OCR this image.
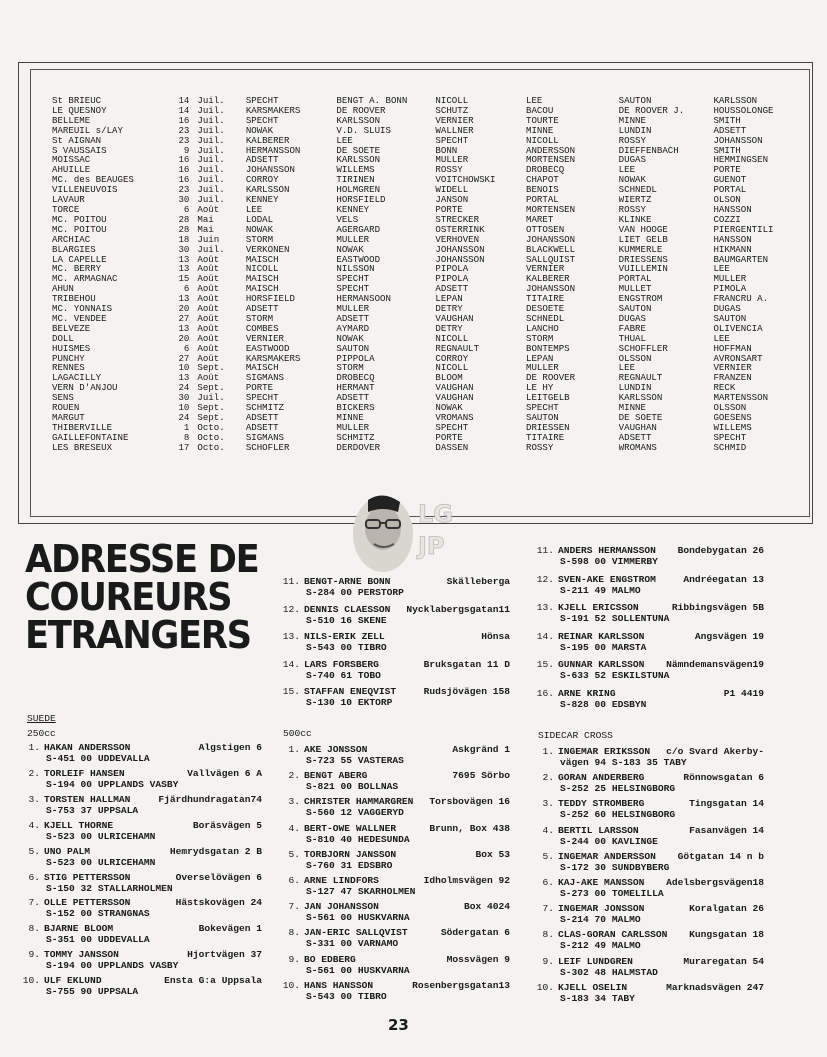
St BRIEUC	14	Juil.	SPECHT	BENGT A. BONN	NICOLL	LEE	SAUTON	KARLSSON
LE QUESNOY	14	Juil.	KARSMAKERS	DE ROOVER	SCHUTZ	BACOU	DE ROOVER J.	HOUSSOLONGE
BELLEME	16	Juil.	SPECHT	KARLSSON	VERNIER	TOURTE	MINNE	SMITH
MAREUIL s/LAY	23	Juil.	NOWAK	V.D. SLUIS	WALLNER	MINNE	LUNDIN	ADSETT
St AIGNAN	23	Juil.	KALBERER	LEE	SPECHT	NICOLL	ROSSY	JOHANSSON
S VAUSSAIS	9	Juil.	HERMANSSON	DE SOETE	BONN	ANDERSSON	DIEFFENBACH	SMITH
MOISSAC	16	Juil.	ADSETT	KARLSSON	MULLER	MORTENSEN	DUGAS	HEMMINGSEN
AHUILLE	16	Juil.	JOHANSSON	WILLEMS	ROSSY	DROBECQ	LEE	PORTE
MC. des BEAUGES	16	Juil.	CORROY	TIRINEN	VOITCHOWSKI	CHAPOT	NOWAK	GUENOT
VILLENEUVOIS	23	Juil.	KARLSSON	HOLMGREN	WIDELL	BENOIS	SCHNEDL	PORTAL
LAVAUR	30	Juil.	KENNEY	HORSFIELD	JANSON	PORTAL	WIERTZ	OLSON
TORCE	6	Août	LEE	KENNEY	PORTE	MORTENSEN	ROSSY	HANSSON
MC. POITOU	28	Mai	LODAL	VELS	STRECKER	MARET	KLINKE	COZZI
MC. POITOU	28	Mai	NOWAK	AGERGARD	OSTERRINK	OTTOSEN	VAN HOOGE	PIERGENTILI
ARCHIAC	18	Juin	STORM	MULLER	VERHOVEN	JOHANSSON	LIET GELB	HANSSON
BLARGIES	30	Juil.	VERKONEN	NOWAK	JOHANSSON	BLACKWELL	KUMMERLE	HIKMANN
LA CAPELLE	13	Août	MAISCH	EASTWOOD	JOHANSSON	SALLQUIST	DRIESSENS	BAUMGARTEN
MC. BERRY	13	Août	NICOLL	NILSSON	PIPOLA	VERNIER	VUILLEMIN	LEE
MC. ARMAGNAC	15	Août	MAISCH	SPECHT	PIPOLA	KALBERER	PORTAL	MULLER
AHUN	6	Août	MAISCH	SPECHT	ADSETT	JOHANSSON	MULLET	PIMOLA
TRIBEHOU	13	Août	HORSFIELD	HERMANSOON	LEPAN	TITAIRE	ENGSTROM	FRANCRU A.
MC. YONNAIS	20	Août	ADSETT	MULLER	DETRY	DESOETE	SAUTON	DUGAS
MC. VENDEE	27	Août	STORM	ADSETT	VAUGHAN	SCHNEDL	DUGAS	SAUTON
BELVEZE	13	Août	COMBES	AYMARD	DETRY	LANCHO	FABRE	OLIVENCIA
DOLL	20	Août	VERNIER	NOWAK	NICOLL	STORM	THUAL	LEE
HUISMES	6	Août	EASTWOOD	SAUTON	REGNAULT	BONTEMPS	SCHOFFLER	HOFFMAN
PUNCHY	27	Août	KARSMAKERS	PIPPOLA	CORROY	LEPAN	OLSSON	AVRONSART
RENNES	10	Sept.	MAISCH	STORM	NICOLL	MULLER	LEE	VERNIER
LAGACILLY	13	Août	SIGMANS	DROBECQ	BLOOM	DE ROOVER	REGNAULT	FRANZEN
VERN D'ANJOU	24	Sept.	PORTE	HERMANT	VAUGHAN	LE HY	LUNDIN	RECK
SENS	30	Juil.	SPECHT	ADSETT	VAUGHAN	LEITGELB	KARLSSON	MARTENSSON
ROUEN	10	Sept.	SCHMITZ	BICKERS	NOWAK	SPECHT	MINNE	OLSSON
MARGUT	24	Sept.	ADSETT	MINNE	VROMANS	SAUTON	DE SOETE	GOESENS
THIBERVILLE	1	Octo.	ADSETT	MULLER	SPECHT	DRIESSEN	VAUGHAN	WILLEMS
GAILLEFONTAINE	8	Octo.	SIGMANS	SCHMITZ	PORTE	TITAIRE	ADSETT	SPECHT
LES BRESEUX	17	Octo.	SCHOFLER	DERDOVER	DASSEN	ROSSY	WROMANS	SCHMID
LG
JP
ADRESSE DE
COUREURS
ETRANGERS
SUEDE
250cc	500cc	SIDECAR CROSS
1. HAKAN ANDERSSON	Algstigen 6
S-451 00 UDDEVALLA
2. TORLEIF HANSEN	Vallvägen 6 A
S-194 00 UPPLANDS VASBY
3. TORSTEN HALLMAN	Fjärdhundragatan74
S-753 37 UPPSALA
4. KJELL THORNE	Boräsvägen 5
S-523 00 ULRICEHAMN
5. UNO PALM	Hemrydsgatan 2 B
S-523 00 ULRICEHAMN
6. STIG PETTERSSON	Overselövägen 6
S-150 32 STALLARHOLMEN
7. OLLE PETTERSSON	Hästskovägen 24
S-152 00 STRANGNAS
8. BJARNE BLOOM	Bokevägen 1
S-351 00 UDDEVALLA
9. TOMMY JANSSON	Hjortvägen 37
S-194 00 UPPLANDS VASBY
10. ULF EKLUND	Ensta G:a Uppsala
S-755 90 UPPSALA
11. BENGT-ARNE BONN	Skälleberga
S-284 00 PERSTORP
12. DENNIS CLAESSON Nycklabergsgatan11
S-510 16 SKENE
13. NILS-ERIK ZELL	Hönsa
S-543 00 TIBRO
14. LARS FORSBERG	Bruksgatan 11 D
S-740 61 TOBO
15. STAFFAN ENEQVIST	Rudsjövägen 158
S-130 10 EKTORP
1. AKE JONSSON	Askgränd 1
S-723 55 VASTERAS
2. BENGT ABERG	7695 Sörbo
S-821 00 BOLLNAS
3. CHRISTER HAMMARGREN Torsbovägen 16
S-560 12 VAGGERYD
4. BERT-OWE WALLNER	Brunn, Box 438
S-810 40 HEDESUNDA
5. TORBJORN JANSSON	Box 53
S-760 31 EDSBRO
6. ARNE LINDFORS	Idholmsvägen 92
S-127 47 SKARHOLMEN
7. JAN JOHANSSON	Box 4024
S-561 00 HUSKVARNA
8. JAN-ERIC SALLQVIST	Södergatan 6
S-331 00 VARNAMO
9. BO EDBERG	Mossvägen 9
S-561 00 HUSKVARNA
10. HANS HANSSON	Rosenbergsgatan13
S-543 00 TIBRO
11. ANDERS HERMANSSON Bondebygatan 26
S-598 00 VIMMERBY
12. SVEN-AKE ENGSTROM	Andréegatan 13
S-211 49 MALMO
13. KJELL ERICSSON	Ribbingsvägen 5B
S-191 52 SOLLENTUNA
14. REINAR KARLSSON	Angsvägen 19
S-195 00 MARSTA
15. GUNNAR KARLSSON Nämndemansvägen19
S-633 52 ESKILSTUNA
16. ARNE KRING	P1 4419
S-828 00 EDSBYN
1. INGEMAR ERIKSSON c/o Svard Akerby-
vägen 94 S-183 35 TABY
2. GORAN ANDERBERG	Rönnowsgatan 6
S-252 25 HELSINGBORG
3. TEDDY STROMBERG	Tingsgatan 14
S-252 60 HELSINGBORG
4. BERTIL LARSSON	Fasanvägen 14
S-244 00 KAVLINGE
5. INGEMAR ANDERSSON Götgatan 14 n b
S-172 30 SUNDBYBERG
6. KAJ-AKE MANSSON Adelsbergsvägen18
S-273 00 TOMELILLA
7. INGEMAR JONSSON	Koralgatan 26
S-214 70 MALMO
8. CLAS-GORAN CARLSSON Kungsgatan 18
S-212 49 MALMO
9. LEIF LUNDGREN	Muraregatan 54
S-302 48 HALMSTAD
10. KJELL OSELIN	Marknadsvägen 247
S-183 34 TABY
23
